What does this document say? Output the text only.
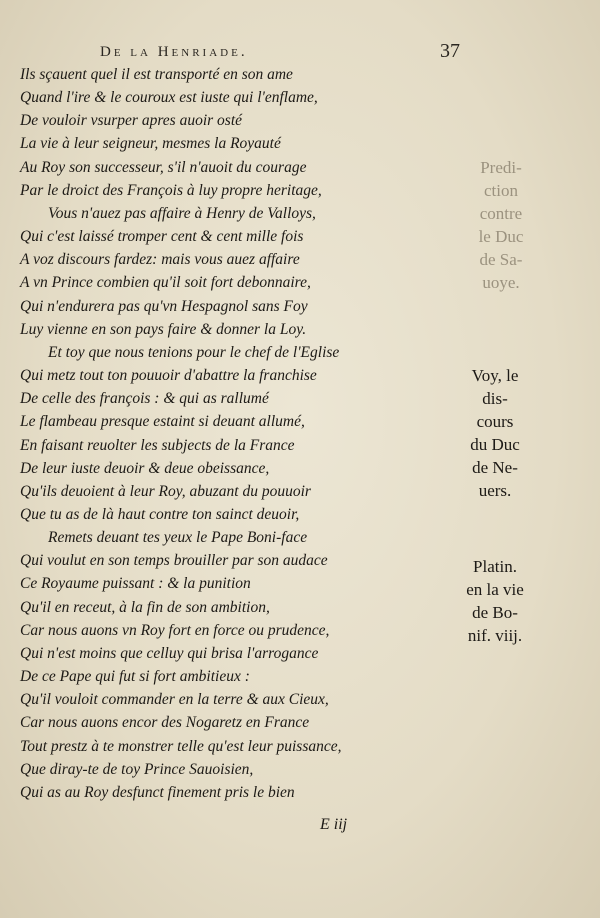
De la Henriade.	37
Ils sçauent quel il est transporté en son ame
Quand l'ire & le couroux est iuste qui l'enflame,
De vouloir vsurper apres auoir osté
La vie à leur seigneur, mesmes la Royauté
Au Roy son successeur, s'il n'auoit du courage
Par le droict des François à luy propre heritage,
Vous n'auez pas affaire à Henry de Valloys,
Qui c'est laissé tromper cent & cent mille fois
A voz discours fardez: mais vous auez affaire
A vn Prince combien qu'il soit fort debonnaire,
Qui n'endurera pas qu'vn Hespagnol sans Foy
Luy vienne en son pays faire & donner la Loy.
Et toy que nous tenions pour le chef de l'Eglise
Qui metz tout ton pouuoir d'abattre la franchise
De celle des françois : & qui as rallumé
Le flambeau presque estaint si deuant allumé,
En faisant reuolter les subjects de la France
De leur iuste deuoir & deue obeissance,
Qu'ils deuoient à leur Roy, abuzant du pouuoir
Que tu as de là haut contre ton sainct deuoir,
Remets deuant tes yeux le Pape Boni-face
Qui voulut en son temps brouiller par son audace
Ce Royaume puissant : & la punition
Qu'il en receut, à la fin de son ambition,
Car nous auons vn Roy fort en force ou prudence,
Qui n'est moins que celluy qui brisa l'arrogance
De ce Pape qui fut si fort ambitieux :
Qu'il vouloit commander en la terre & aux Cieux,
Car nous auons encor des Nogaretz en France
Tout prestz à te monstrer telle qu'est leur puissance,
Que diray-te de toy Prince Sauoisien,
Qui as au Roy desfunct finement pris le bien
Predi-
ction
contre
le Duc
de Sa-
uoye.
Voy, le
dis-
cours
du Duc
de Ne-
uers.
Platin.
en la vie
de Bo-
nif. viij.
E iij
